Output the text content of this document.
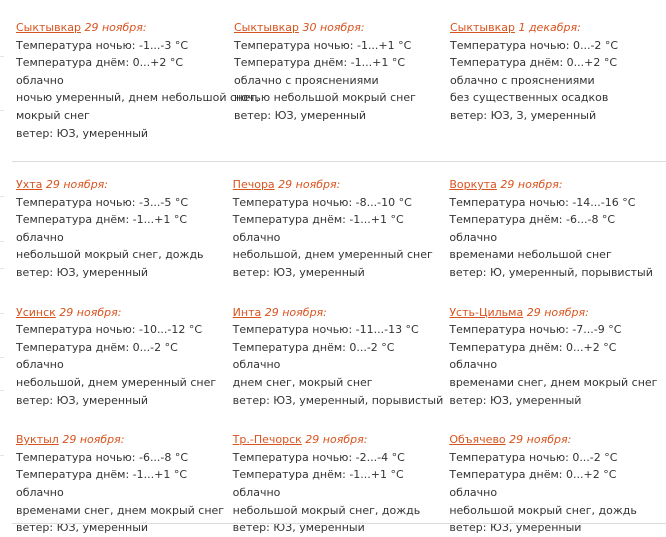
Сыктывкар 29 ноября:
Температура ночью: -1...-3 °C
Температура днём: 0...+2 °C
облачно
ночью умеренный, днем небольшой снег,
мокрый снег
ветер: ЮЗ, умеренный
Сыктывкар 30 ноября:
Температура ночью: -1...+1 °C
Температура днём: -1...+1 °C
облачно с прояснениями
ночью небольшой мокрый снег
ветер: ЮЗ, умеренный
Сыктывкар 1 декабря:
Температура ночью: 0...-2 °C
Температура днём: 0...+2 °C
облачно с прояснениями
без существенных осадков
ветер: ЮЗ, З, умеренный
Ухта 29 ноября:
Температура ночью: -3...-5 °C
Температура днём: -1...+1 °C
облачно
небольшой мокрый снег, дождь
ветер: ЮЗ, умеренный
Печора 29 ноября:
Температура ночью: -8...-10 °C
Температура днём: -1...+1 °C
облачно
небольшой, днем умеренный снег
ветер: ЮЗ, умеренный
Воркута 29 ноября:
Температура ночью: -14...-16 °C
Температура днём: -6...-8 °C
облачно
временами небольшой снег
ветер: Ю, умеренный, порывистый
Усинск 29 ноября:
Температура ночью: -10...-12 °C
Температура днём: 0...-2 °C
облачно
небольшой, днем умеренный снег
ветер: ЮЗ, умеренный
Инта 29 ноября:
Температура ночью: -11...-13 °C
Температура днём: 0...-2 °C
облачно
днем снег, мокрый снег
ветер: ЮЗ, умеренный, порывистый
Усть-Цильма 29 ноября:
Температура ночью: -7...-9 °C
Температура днём: 0...+2 °C
облачно
временами снег, днем мокрый снег
ветер: ЮЗ, умеренный
Вуктыл 29 ноября:
Температура ночью: -6...-8 °C
Температура днём: -1...+1 °C
облачно
временами снег, днем мокрый снег
ветер: ЮЗ, умеренный
Тр.-Печорск 29 ноября:
Температура ночью: -2...-4 °C
Температура днём: -1...+1 °C
облачно
небольшой мокрый снег, дождь
ветер: ЮЗ, умеренный
Объячево 29 ноября:
Температура ночью: 0...-2 °C
Температура днём: 0...+2 °C
облачно
небольшой мокрый снег, дождь
ветер: ЮЗ, умеренный
